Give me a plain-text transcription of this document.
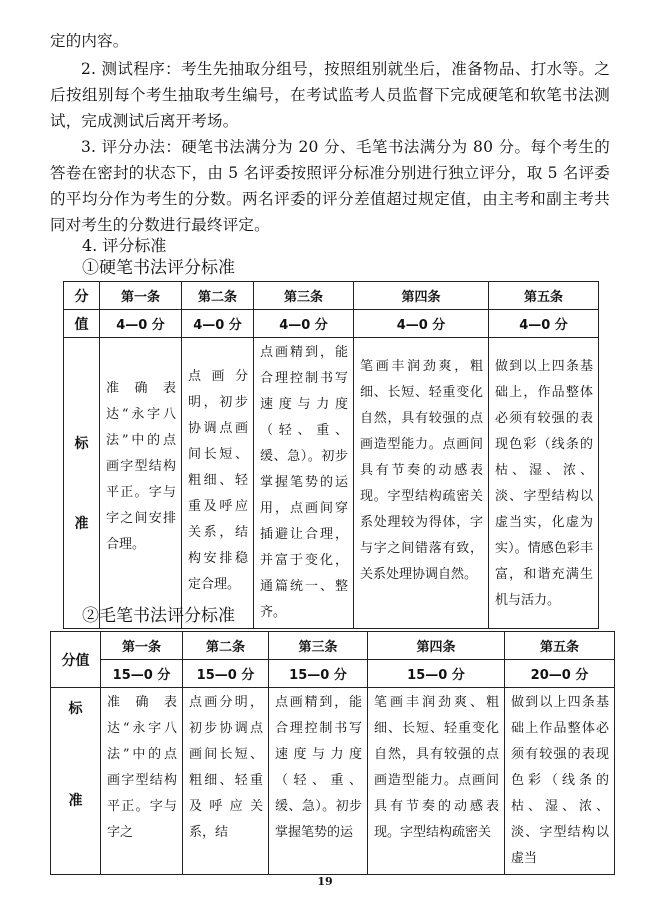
定的内容。

2. 测试程序：考生先抽取分组号，按照组别就坐后，准备物品、打水等。之后按组别每个考生抽取考生编号，在考试监考人员监督下完成硬笔和软笔书法测试，完成测试后离开考场。

3. 评分办法：硬笔书法满分为 20 分、毛笔书法满分为 80 分。每个考生的答卷在密封的状态下，由 5 名评委按照评分标准分别进行独立评分，取 5 名评委的平均分作为考生的分数。两名评委的评分差值超过规定值，由主考和副主考共同对考生的分数进行最终评定。

4. 评分标准
①硬笔书法评分标准
分	第一条	第二条	第三条	第四条	第五条
值	4—0 分	4—0 分	4—0 分	4—0 分	4—0 分

标
准	准确表达“永字八法”中的点画字型结构平正。字与字之间安排合理。	点画分明，初步协调点画间长短、粗细、轻重及呼应关系，结构安排稳定合理。	点画精到，能合理控制书写速度与力度（轻、重、缓、急）。初步掌握笔势的运用，点画间穿插避让合理，并富于变化，通篇统一、整齐。	笔画丰润劲爽，粗细、长短、轻重变化自然，具有较强的点画造型能力。点画间具有节奏的动感表现。字型结构疏密关系处理较为得体，字与字之间错落有致，关系处理协调自然。	做到以上四条基础上，作品整体必须有较强的表现色彩（线条的枯、湿、浓、淡、字型结构以虚当实，化虚为实）。情感色彩丰富，和谐充满生机与活力。
②毛笔书法评分标准
分值	第一条	第二条	第三条	第四条	第五条
	15—0 分	15—0 分	15—0 分	15—0 分	20—0 分

标
准	准确表达“永字八法”中的点画字型结构平正。字与字之	点画分明，初步协调点画间长短、粗细、轻重及呼应关系，结	点画精到，能合理控制书写速度与力度（轻、重、缓、急）。初步掌握笔势的运	笔画丰润劲爽、粗细、长短、轻重变化自然，具有较强的点画造型能力。点画间具有节奏的动感表现。字型结构疏密关	做到以上四条基础上作品整体必须有较强的表现色彩（线条的枯、湿、浓、淡、字型结构以虚当
19
